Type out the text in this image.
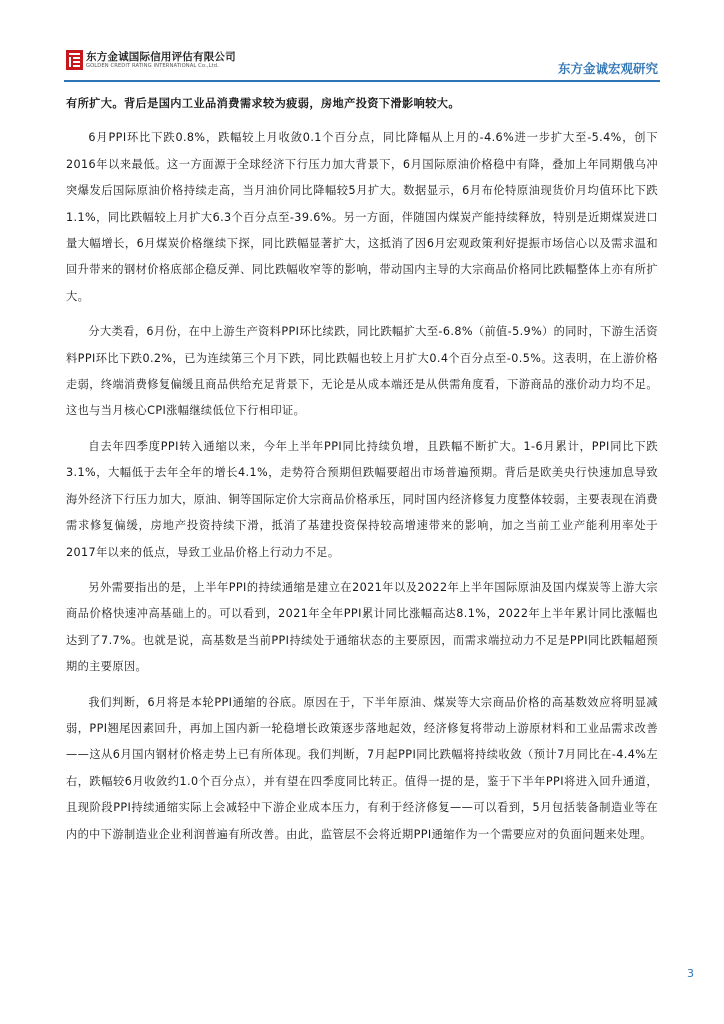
东方金诚国际信用评估有限公司
GOLDEN CREDIT RATING INTERNATIONAL Co.,Ltd.	东方金诚宏观研究

有所扩大。背后是国内工业品消费需求较为疲弱，房地产投资下滑影响较大。

6月PPI环比下跌0.8%，跌幅较上月收敛0.1个百分点，同比降幅从上月的-4.6%进一步扩大至-5.4%，创下2016年以来最低。这一方面源于全球经济下行压力加大背景下，6月国际原油价格稳中有降，叠加上年同期俄乌冲突爆发后国际原油价格持续走高，当月油价同比降幅较5月扩大。数据显示，6月布伦特原油现货价月均值环比下跌1.1%，同比跌幅较上月扩大6.3个百分点至-39.6%。另一方面，伴随国内煤炭产能持续释放，特别是近期煤炭进口量大幅增长，6月煤炭价格继续下探，同比跌幅显著扩大，这抵消了因6月宏观政策利好提振市场信心以及需求温和回升带来的钢材价格底部企稳反弹、同比跌幅收窄等的影响，带动国内主导的大宗商品价格同比跌幅整体上亦有所扩大。

分大类看，6月份，在中上游生产资料PPI环比续跌，同比跌幅扩大至-6.8%（前值-5.9%）的同时，下游生活资料PPI环比下跌0.2%，已为连续第三个月下跌，同比跌幅也较上月扩大0.4个百分点至-0.5%。这表明，在上游价格走弱，终端消费修复偏缓且商品供给充足背景下，无论是从成本端还是从供需角度看，下游商品的涨价动力均不足。这也与当月核心CPI涨幅继续低位下行相印证。

自去年四季度PPI转入通缩以来，今年上半年PPI同比持续负增，且跌幅不断扩大。1-6月累计，PPI同比下跌3.1%，大幅低于去年全年的增长4.1%，走势符合预期但跌幅要超出市场普遍预期。背后是欧美央行快速加息导致海外经济下行压力加大，原油、铜等国际定价大宗商品价格承压，同时国内经济修复力度整体较弱，主要表现在消费需求修复偏缓，房地产投资持续下滑，抵消了基建投资保持较高增速带来的影响，加之当前工业产能利用率处于2017年以来的低点，导致工业品价格上行动力不足。

另外需要指出的是，上半年PPI的持续通缩是建立在2021年以及2022年上半年国际原油及国内煤炭等上游大宗商品价格快速冲高基础上的。可以看到，2021年全年PPI累计同比涨幅高达8.1%，2022年上半年累计同比涨幅也达到了7.7%。也就是说，高基数是当前PPI持续处于通缩状态的主要原因，而需求端拉动力不足是PPI同比跌幅超预期的主要原因。

我们判断，6月将是本轮PPI通缩的谷底。原因在于，下半年原油、煤炭等大宗商品价格的高基数效应将明显减弱，PPI翘尾因素回升，再加上国内新一轮稳增长政策逐步落地起效，经济修复将带动上游原材料和工业品需求改善——这从6月国内钢材价格走势上已有所体现。我们判断，7月起PPI同比跌幅将持续收敛（预计7月同比在-4.4%左右，跌幅较6月收敛约1.0个百分点），并有望在四季度同比转正。值得一提的是，鉴于下半年PPI将进入回升通道，且现阶段PPI持续通缩实际上会减轻中下游企业成本压力，有利于经济修复——可以看到，5月包括装备制造业等在内的中下游制造业企业利润普遍有所改善。由此，监管层不会将近期PPI通缩作为一个需要应对的负面问题来处理。

3
